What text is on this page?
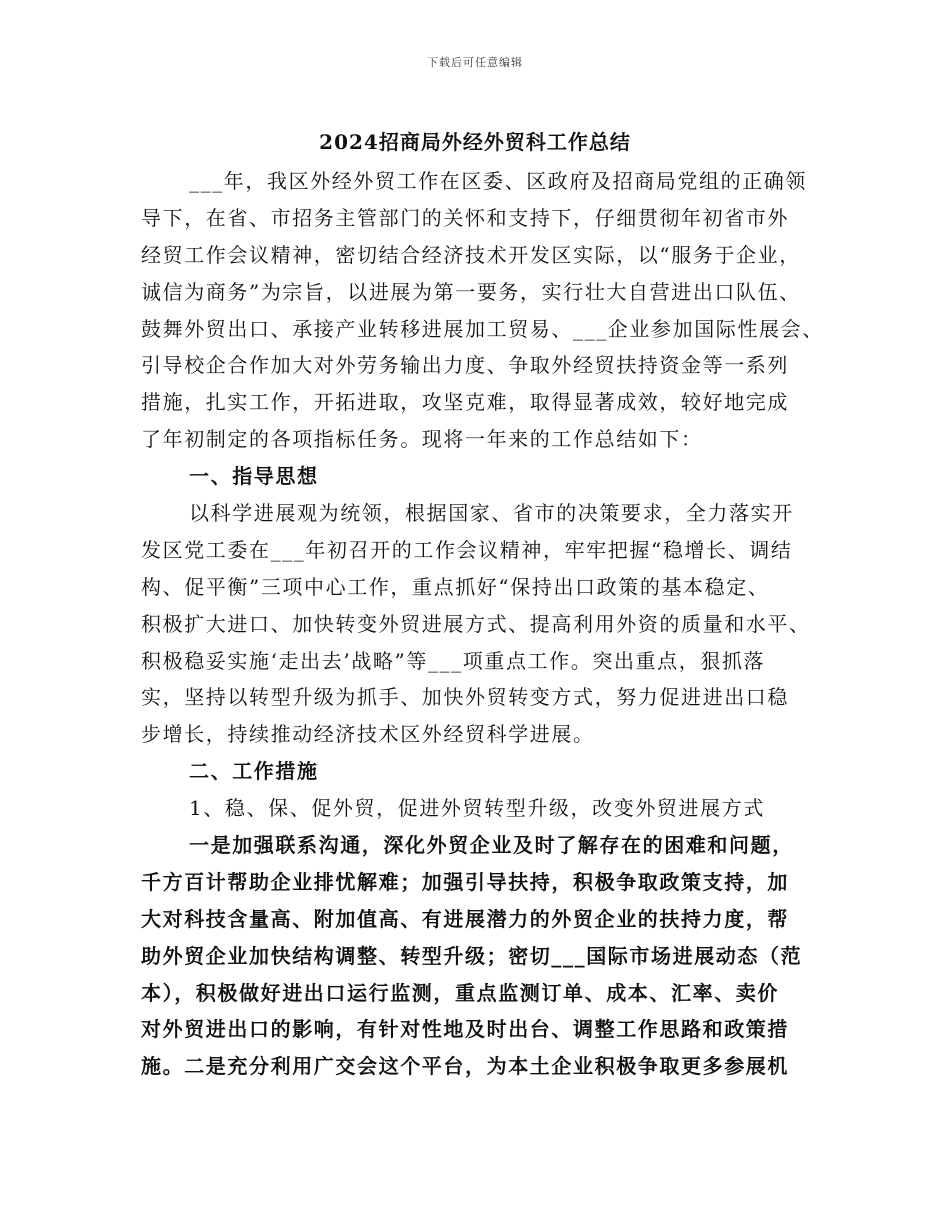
下载后可任意编辑
2024招商局外经外贸科工作总结
___年，我区外经外贸工作在区委、区政府及招商局党组的正确领
导下，在省、市招务主管部门的关怀和支持下，仔细贯彻年初省市外
经贸工作会议精神，密切结合经济技术开发区实际，以“服务于企业，
诚信为商务”为宗旨，以进展为第一要务，实行壮大自营进出口队伍、
鼓舞外贸出口、承接产业转移进展加工贸易、___企业参加国际性展会、
引导校企合作加大对外劳务输出力度、争取外经贸扶持资金等一系列
措施，扎实工作，开拓进取，攻坚克难，取得显著成效，较好地完成
了年初制定的各项指标任务。现将一年来的工作总结如下：
一、指导思想
以科学进展观为统领，根据国家、省市的决策要求，全力落实开
发区党工委在___年初召开的工作会议精神，牢牢把握“稳增长、调结
构、促平衡”三项中心工作，重点抓好“保持出口政策的基本稳定、
积极扩大进口、加快转变外贸进展方式、提高利用外资的质量和水平、
积极稳妥实施‘走出去’战略”等___项重点工作。突出重点，狠抓落
实，坚持以转型升级为抓手、加快外贸转变方式，努力促进进出口稳
步增长，持续推动经济技术区外经贸科学进展。
二、工作措施
1、稳、保、促外贸，促进外贸转型升级，改变外贸进展方式
一是加强联系沟通，深化外贸企业及时了解存在的困难和问题，
千方百计帮助企业排忧解难；加强引导扶持，积极争取政策支持，加
大对科技含量高、附加值高、有进展潜力的外贸企业的扶持力度，帮
助外贸企业加快结构调整、转型升级；密切___国际市场进展动态（范
本），积极做好进出口运行监测，重点监测订单、成本、汇率、卖价
对外贸进出口的影响，有针对性地及时出台、调整工作思路和政策措
施。二是充分利用广交会这个平台，为本土企业积极争取更多参展机
